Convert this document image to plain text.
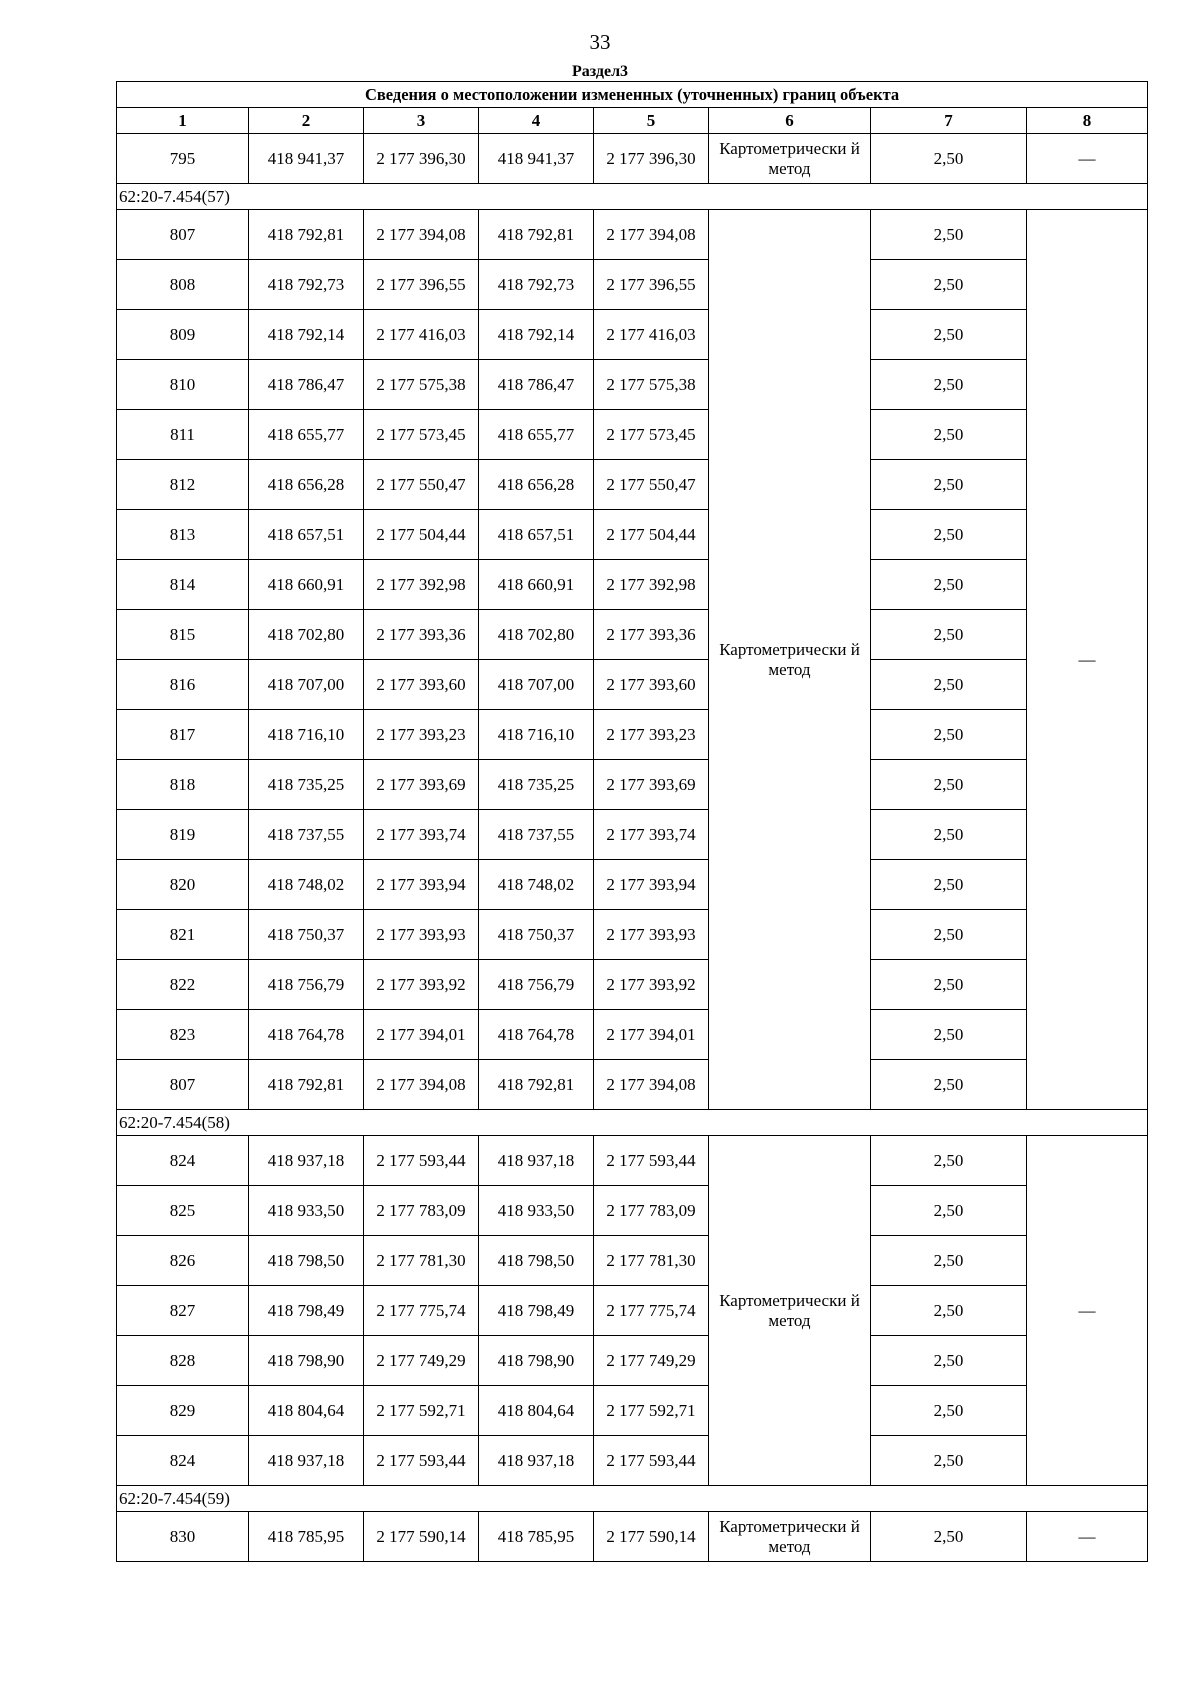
33
Раздел3
Сведения о местоположении измененных (уточненных) границ объекта							
1	2	3	4	5	6	7	8
795	418 941,37	2 177 396,30	418 941,37	2 177 396,30	Картометрически й метод	2,50	—
62:20-7.454(57)							
807	418 792,81	2 177 394,08	418 792,81	2 177 394,08	Картометрически й метод	2,50	—
808	418 792,73	2 177 396,55	418 792,73	2 177 396,55		2,50	
809	418 792,14	2 177 416,03	418 792,14	2 177 416,03		2,50	
810	418 786,47	2 177 575,38	418 786,47	2 177 575,38		2,50	
811	418 655,77	2 177 573,45	418 655,77	2 177 573,45		2,50	
812	418 656,28	2 177 550,47	418 656,28	2 177 550,47		2,50	
813	418 657,51	2 177 504,44	418 657,51	2 177 504,44		2,50	
814	418 660,91	2 177 392,98	418 660,91	2 177 392,98		2,50	
815	418 702,80	2 177 393,36	418 702,80	2 177 393,36		2,50	
816	418 707,00	2 177 393,60	418 707,00	2 177 393,60		2,50	
817	418 716,10	2 177 393,23	418 716,10	2 177 393,23		2,50	
818	418 735,25	2 177 393,69	418 735,25	2 177 393,69		2,50	
819	418 737,55	2 177 393,74	418 737,55	2 177 393,74		2,50	
820	418 748,02	2 177 393,94	418 748,02	2 177 393,94		2,50	
821	418 750,37	2 177 393,93	418 750,37	2 177 393,93		2,50	
822	418 756,79	2 177 393,92	418 756,79	2 177 393,92		2,50	
823	418 764,78	2 177 394,01	418 764,78	2 177 394,01		2,50	
807	418 792,81	2 177 394,08	418 792,81	2 177 394,08		2,50	
62:20-7.454(58)							
824	418 937,18	2 177 593,44	418 937,18	2 177 593,44	Картометрически й метод	2,50	—
825	418 933,50	2 177 783,09	418 933,50	2 177 783,09		2,50	
826	418 798,50	2 177 781,30	418 798,50	2 177 781,30		2,50	
827	418 798,49	2 177 775,74	418 798,49	2 177 775,74		2,50	
828	418 798,90	2 177 749,29	418 798,90	2 177 749,29		2,50	
829	418 804,64	2 177 592,71	418 804,64	2 177 592,71		2,50	
824	418 937,18	2 177 593,44	418 937,18	2 177 593,44		2,50	
62:20-7.454(59)							
830	418 785,95	2 177 590,14	418 785,95	2 177 590,14	Картометрически й метод	2,50	—
